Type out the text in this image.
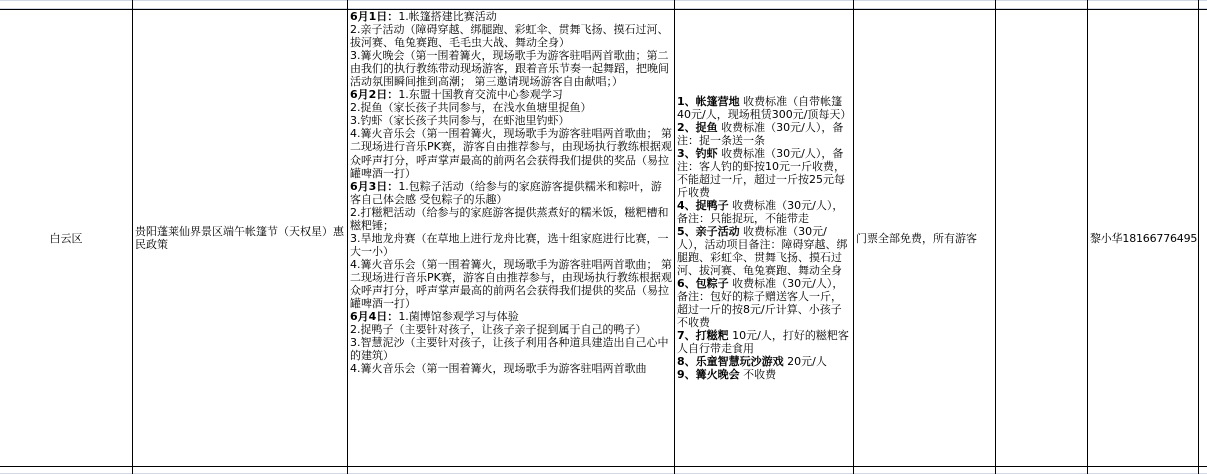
白云区	贵阳蓬莱仙界景区端午帐篷节（天权星）惠民政策

6月1日：1.帐篷搭建比赛活动

2.亲子活动（障碍穿越、绑腿跑、彩虹伞、贯舞飞扬、摸石过河、 拔河赛、龟兔赛跑、毛毛虫大战、舞动全身）

3.篝火晚会（第一围着篝火，现场歌手为游客驻唱两首歌曲；第二由我们的执行教练带动现场游客，跟着音乐节奏一起舞蹈，把晚间活动氛围瞬间推到高潮； 第三邀请现场游客自由献唱；）

6月2日：1.东盟十国教育交流中心参观学习

2.捉鱼（家长孩子共同参与，在浅水鱼塘里捉鱼）

3.钓虾（家长孩子共同参与，在虾池里钓虾）

4.篝火音乐会（第一围着篝火，现场歌手为游客驻唱两首歌曲； 第二现场进行音乐PK赛，游客自由推荐参与，由现场执行教练根据观众呼声打分，呼声掌声最高的前两名会获得我们提供的奖品（易拉罐啤酒一打）

6月3日：1.包粽子活动（给参与的家庭游客提供糯米和粽叶，游客自己体会感 受包粽子的乐趣）

2.打糍粑活动（给参与的家庭游客提供蒸煮好的糯米饭，糍粑槽和糍粑锤；

3.旱地龙舟赛（在草地上进行龙舟比赛，选十组家庭进行比赛，一大一小）

4.篝火音乐会（第一围着篝火，现场歌手为游客驻唱两首歌曲； 第二现场进行音乐PK赛，游客自由推荐参与，由现场执行教练根据观众呼声打分，呼声掌声最高的前两名会获得我们提供的奖品（易拉罐啤酒一打）

6月4日：1.菌博馆参观学习与体验

2.捉鸭子（主要针对孩子，让孩子亲子捉到属于自己的鸭子）

3.智慧泥沙（主要针对孩子，让孩子利用各种道具建造出自己心中 的建筑）

4.篝火音乐会（第一围着篝火，现场歌手为游客驻唱两首歌曲

1、帐篷营地 收费标准（自带帐篷40元/人，现场租赁300元/顶每天）

2、捉鱼 收费标准（30元/人），备注：捉一条送一条

3、钓虾 收费标准（30元/人），备注：客人钓的虾按10元一斤收费，不能超过一斤，超过一斤按25元每斤收费

4、捉鸭子 收费标准（30元/人），备注：只能捉玩，不能带走

5、亲子活动 收费标准（30元/人），活动项目备注：障碍穿越、绑腿跑、彩虹伞、贯舞飞扬、摸石过河、拔河赛、龟兔赛跑、舞动全身

6、包粽子 收费标准（30元/人），备注：包好的粽子赠送客人一斤，超过一斤的按8元/斤计算、小孩子不收费

7、打糍粑 10元/人，打好的糍粑客人自行带走食用

8、乐童智慧玩沙游戏 20元/人

9、篝火晚会 不收费

门票全部免费，所有游客	黎小华18166776495
